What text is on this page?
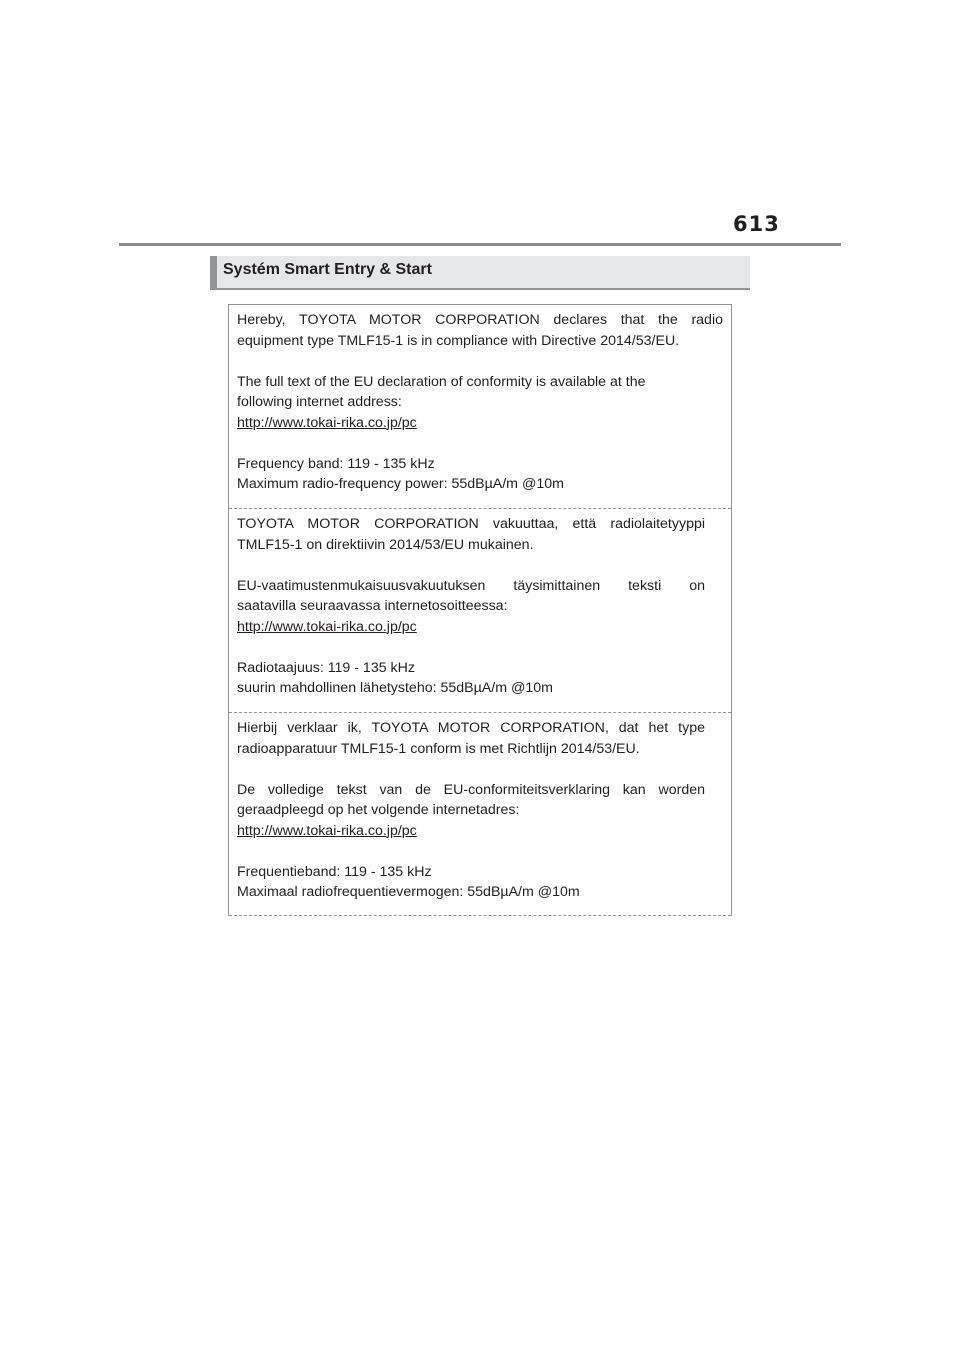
613
Systém Smart Entry & Start

Hereby, TOYOTA MOTOR CORPORATION declares that the radio
equipment type TMLF15-1 is in compliance with Directive 2014/53/EU.

The full text of the EU declaration of conformity is available at the
following internet address:
http://www.tokai-rika.co.jp/pc

Frequency band: 119 - 135 kHz
Maximum radio-frequency power: 55dBµA/m @10m

TOYOTA MOTOR CORPORATION vakuuttaa, että radiolaitetyyppi
TMLF15-1 on direktiivin 2014/53/EU mukainen.

EU-vaatimustenmukaisuusvakuutuksen täysimittainen teksti on
saatavilla seuraavassa internetosoitteessa:
http://www.tokai-rika.co.jp/pc

Radiotaajuus: 119 - 135 kHz
suurin mahdollinen lähetysteho: 55dBµA/m @10m

Hierbij verklaar ik, TOYOTA MOTOR CORPORATION, dat het type
radioapparatuur TMLF15-1 conform is met Richtlijn 2014/53/EU.

De volledige tekst van de EU-conformiteitsverklaring kan worden
geraadpleegd op het volgende internetadres:
http://www.tokai-rika.co.jp/pc

Frequentieband: 119 - 135 kHz
Maximaal radiofrequentievermogen: 55dBµA/m @10m
